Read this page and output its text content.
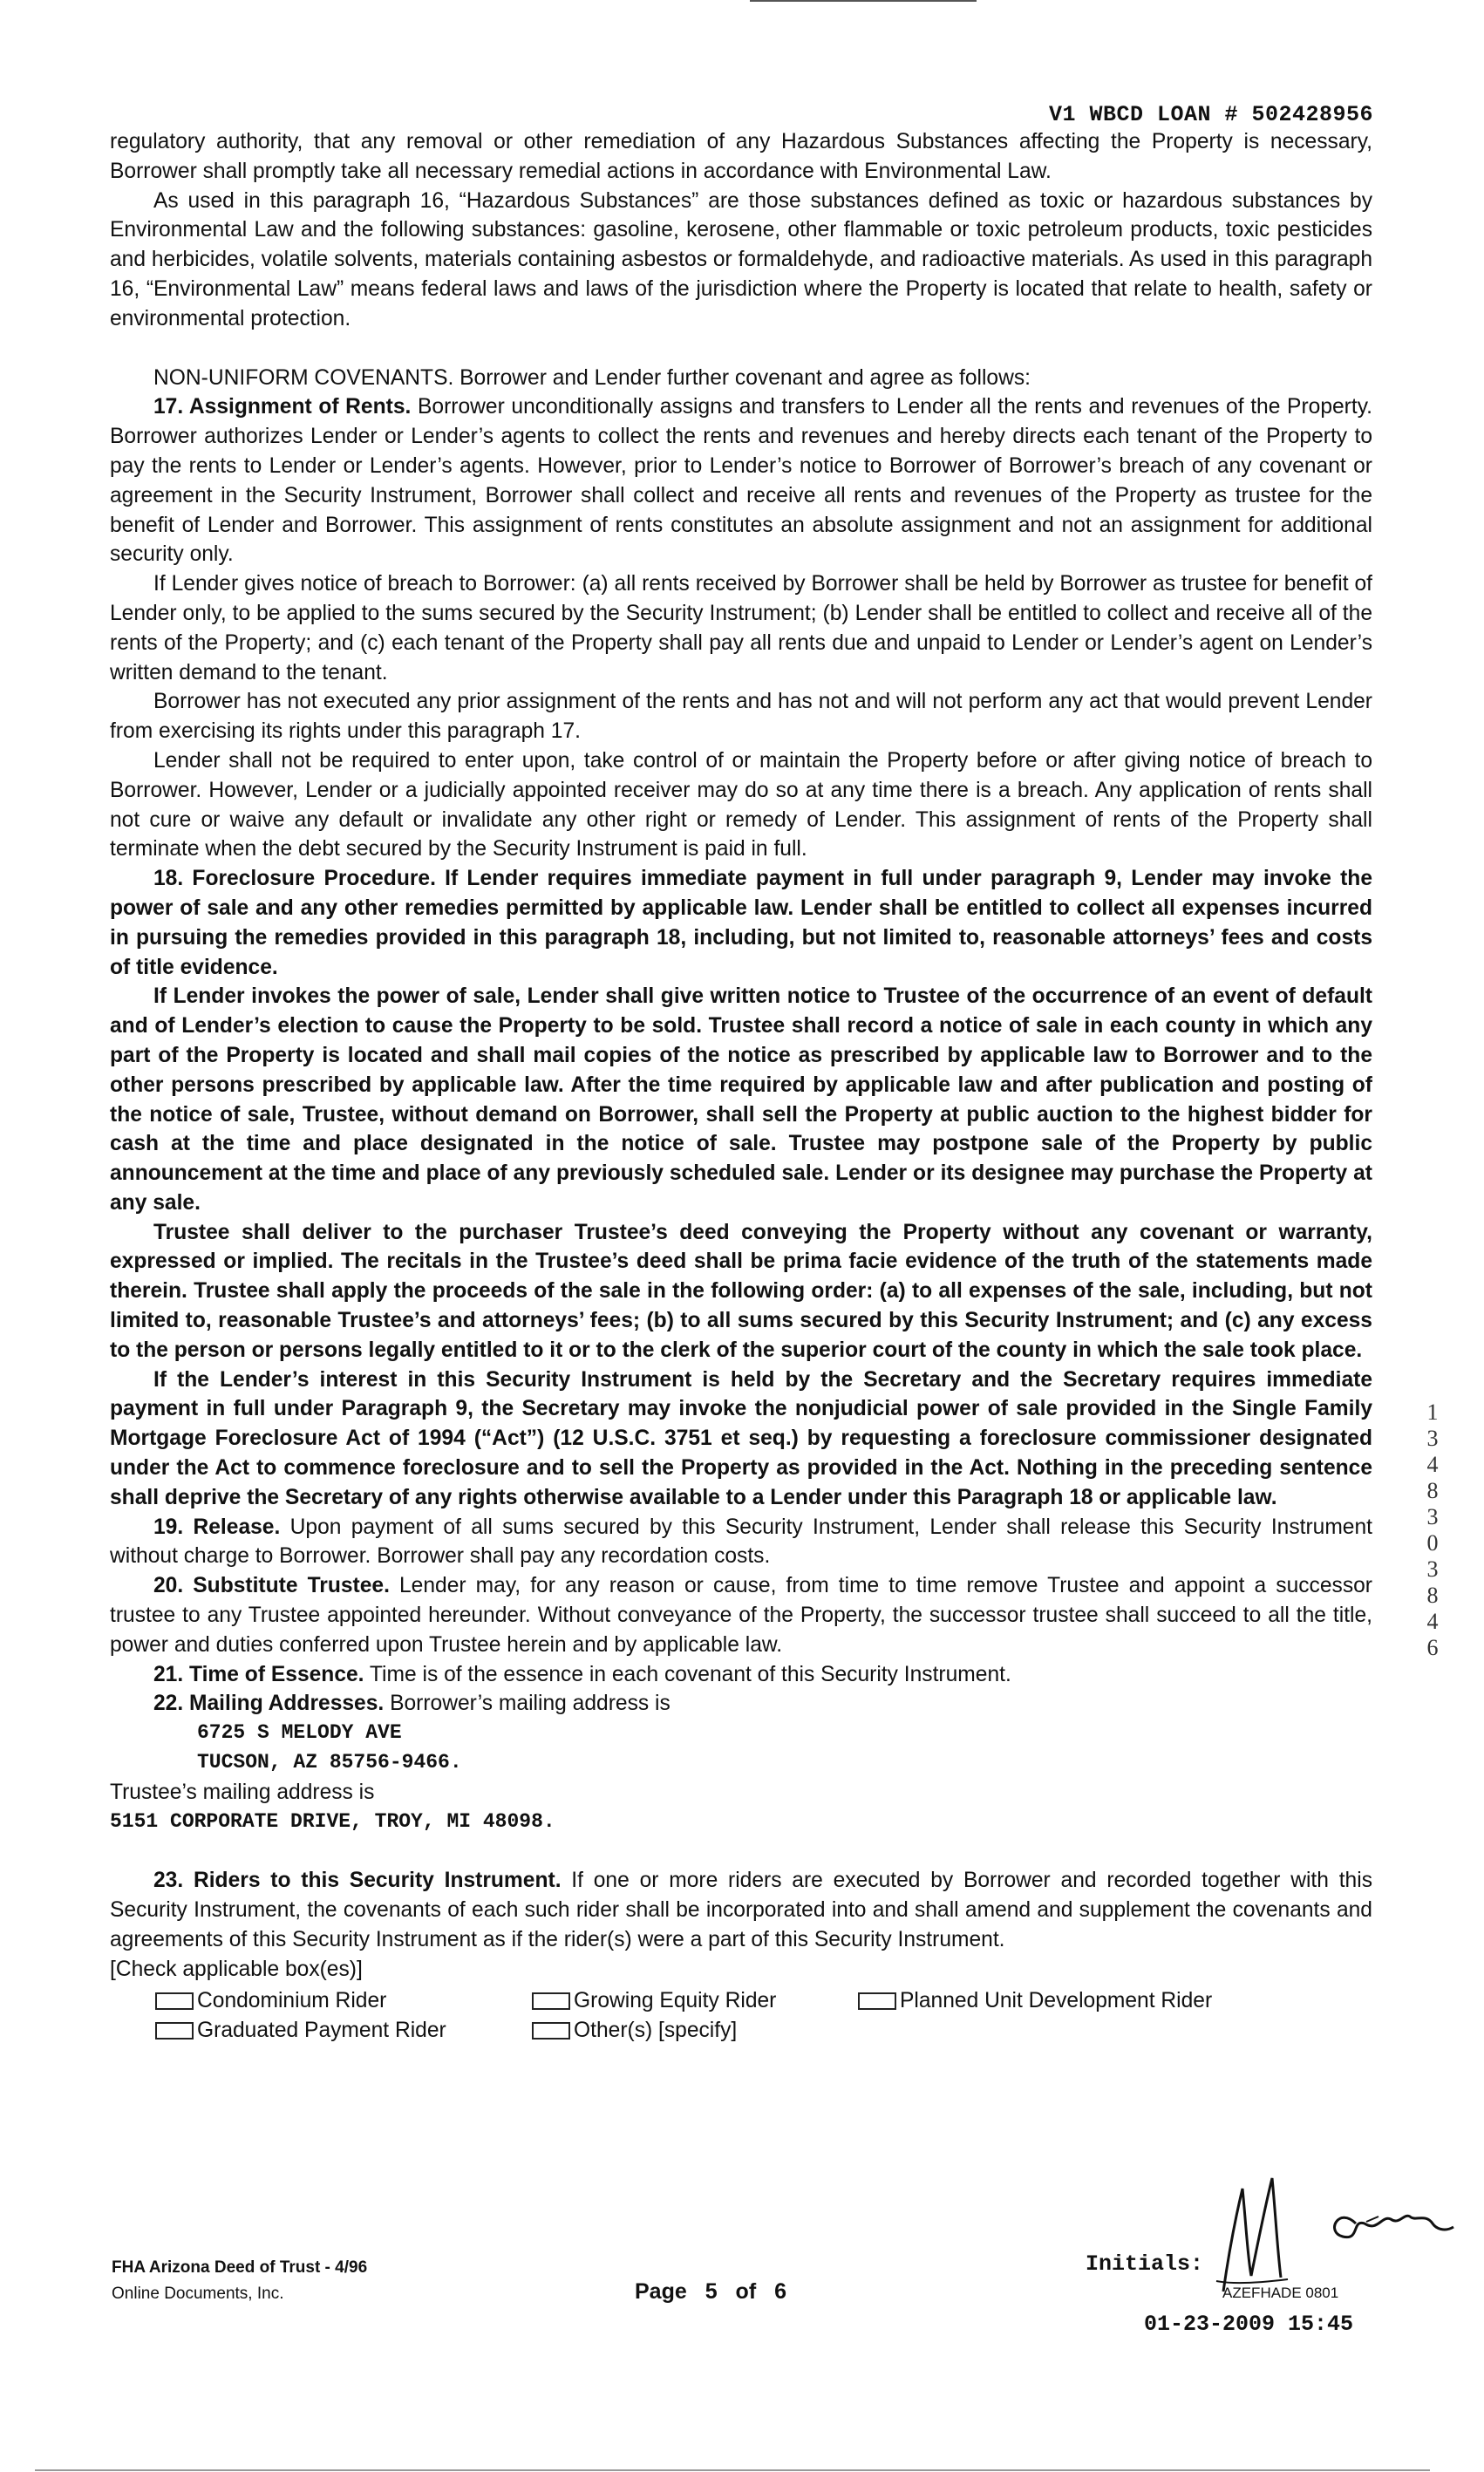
V1 WBCD LOAN # 502428956

regulatory authority, that any removal or other remediation of any Hazardous Substances affecting the Property is necessary, Borrower shall promptly take all necessary remedial actions in accordance with Environmental Law.

As used in this paragraph 16, “Hazardous Substances” are those substances defined as toxic or hazardous substances by Environmental Law and the following substances: gasoline, kerosene, other flammable or toxic petroleum products, toxic pesticides and herbicides, volatile solvents, materials containing asbestos or formaldehyde, and radioactive materials. As used in this paragraph 16, “Environmental Law” means federal laws and laws of the jurisdiction where the Property is located that relate to health, safety or environmental protection.

NON-UNIFORM COVENANTS. Borrower and Lender further covenant and agree as follows:

17. Assignment of Rents. Borrower unconditionally assigns and transfers to Lender all the rents and revenues of the Property. Borrower authorizes Lender or Lender’s agents to collect the rents and revenues and hereby directs each tenant of the Property to pay the rents to Lender or Lender’s agents. However, prior to Lender’s notice to Borrower of Borrower’s breach of any covenant or agreement in the Security Instrument, Borrower shall collect and receive all rents and revenues of the Property as trustee for the benefit of Lender and Borrower. This assignment of rents constitutes an absolute assignment and not an assignment for additional security only.

If Lender gives notice of breach to Borrower: (a) all rents received by Borrower shall be held by Borrower as trustee for benefit of Lender only, to be applied to the sums secured by the Security Instrument; (b) Lender shall be entitled to collect and receive all of the rents of the Property; and (c) each tenant of the Property shall pay all rents due and unpaid to Lender or Lender’s agent on Lender’s written demand to the tenant.

Borrower has not executed any prior assignment of the rents and has not and will not perform any act that would prevent Lender from exercising its rights under this paragraph 17.

Lender shall not be required to enter upon, take control of or maintain the Property before or after giving notice of breach to Borrower. However, Lender or a judicially appointed receiver may do so at any time there is a breach. Any application of rents shall not cure or waive any default or invalidate any other right or remedy of Lender. This assignment of rents of the Property shall terminate when the debt secured by the Security Instrument is paid in full.

18. Foreclosure Procedure. If Lender requires immediate payment in full under paragraph 9, Lender may invoke the power of sale and any other remedies permitted by applicable law. Lender shall be entitled to collect all expenses incurred in pursuing the remedies provided in this paragraph 18, including, but not limited to, reasonable attorneys’ fees and costs of title evidence.

If Lender invokes the power of sale, Lender shall give written notice to Trustee of the occurrence of an event of default and of Lender’s election to cause the Property to be sold. Trustee shall record a notice of sale in each county in which any part of the Property is located and shall mail copies of the notice as prescribed by applicable law to Borrower and to the other persons prescribed by applicable law. After the time required by applicable law and after publication and posting of the notice of sale, Trustee, without demand on Borrower, shall sell the Property at public auction to the highest bidder for cash at the time and place designated in the notice of sale. Trustee may postpone sale of the Property by public announcement at the time and place of any previously scheduled sale. Lender or its designee may purchase the Property at any sale.

Trustee shall deliver to the purchaser Trustee’s deed conveying the Property without any covenant or warranty, expressed or implied. The recitals in the Trustee’s deed shall be prima facie evidence of the truth of the statements made therein. Trustee shall apply the proceeds of the sale in the following order: (a) to all expenses of the sale, including, but not limited to, reasonable Trustee’s and attorneys’ fees; (b) to all sums secured by this Security Instrument; and (c) any excess to the person or persons legally entitled to it or to the clerk of the superior court of the county in which the sale took place.

If the Lender’s interest in this Security Instrument is held by the Secretary and the Secretary requires immediate payment in full under Paragraph 9, the Secretary may invoke the nonjudicial power of sale provided in the Single Family Mortgage Foreclosure Act of 1994 (“Act”) (12 U.S.C. 3751 et seq.) by requesting a foreclosure commissioner designated under the Act to commence foreclosure and to sell the Property as provided in the Act. Nothing in the preceding sentence shall deprive the Secretary of any rights otherwise available to a Lender under this Paragraph 18 or applicable law.

19. Release. Upon payment of all sums secured by this Security Instrument, Lender shall release this Security Instrument without charge to Borrower. Borrower shall pay any recordation costs.

20. Substitute Trustee. Lender may, for any reason or cause, from time to time remove Trustee and appoint a successor trustee to any Trustee appointed hereunder. Without conveyance of the Property, the successor trustee shall succeed to all the title, power and duties conferred upon Trustee herein and by applicable law.

21. Time of Essence. Time is of the essence in each covenant of this Security Instrument.

22. Mailing Addresses. Borrower’s mailing address is

6725 S MELODY AVE

TUCSON, AZ 85756-9466.

Trustee’s mailing address is

5151 CORPORATE DRIVE, TROY, MI 48098.

23. Riders to this Security Instrument. If one or more riders are executed by Borrower and recorded together with this Security Instrument, the covenants of each such rider shall be incorporated into and shall amend and supplement the covenants and agreements of this Security Instrument as if the rider(s) were a part of this Security Instrument.

[Check applicable box(es)]

Condominium Rider	Growing Equity Rider	Planned Unit Development Rider
Graduated Payment Rider	Other(s) [specify]
1 3 4 8 3 0 3 8 4 6
FHA Arizona Deed of Trust - 4/96
Online Documents, Inc.	Page 5 of 6
Initials:
AZEFHADE 0801
01-23-2009 15:45
